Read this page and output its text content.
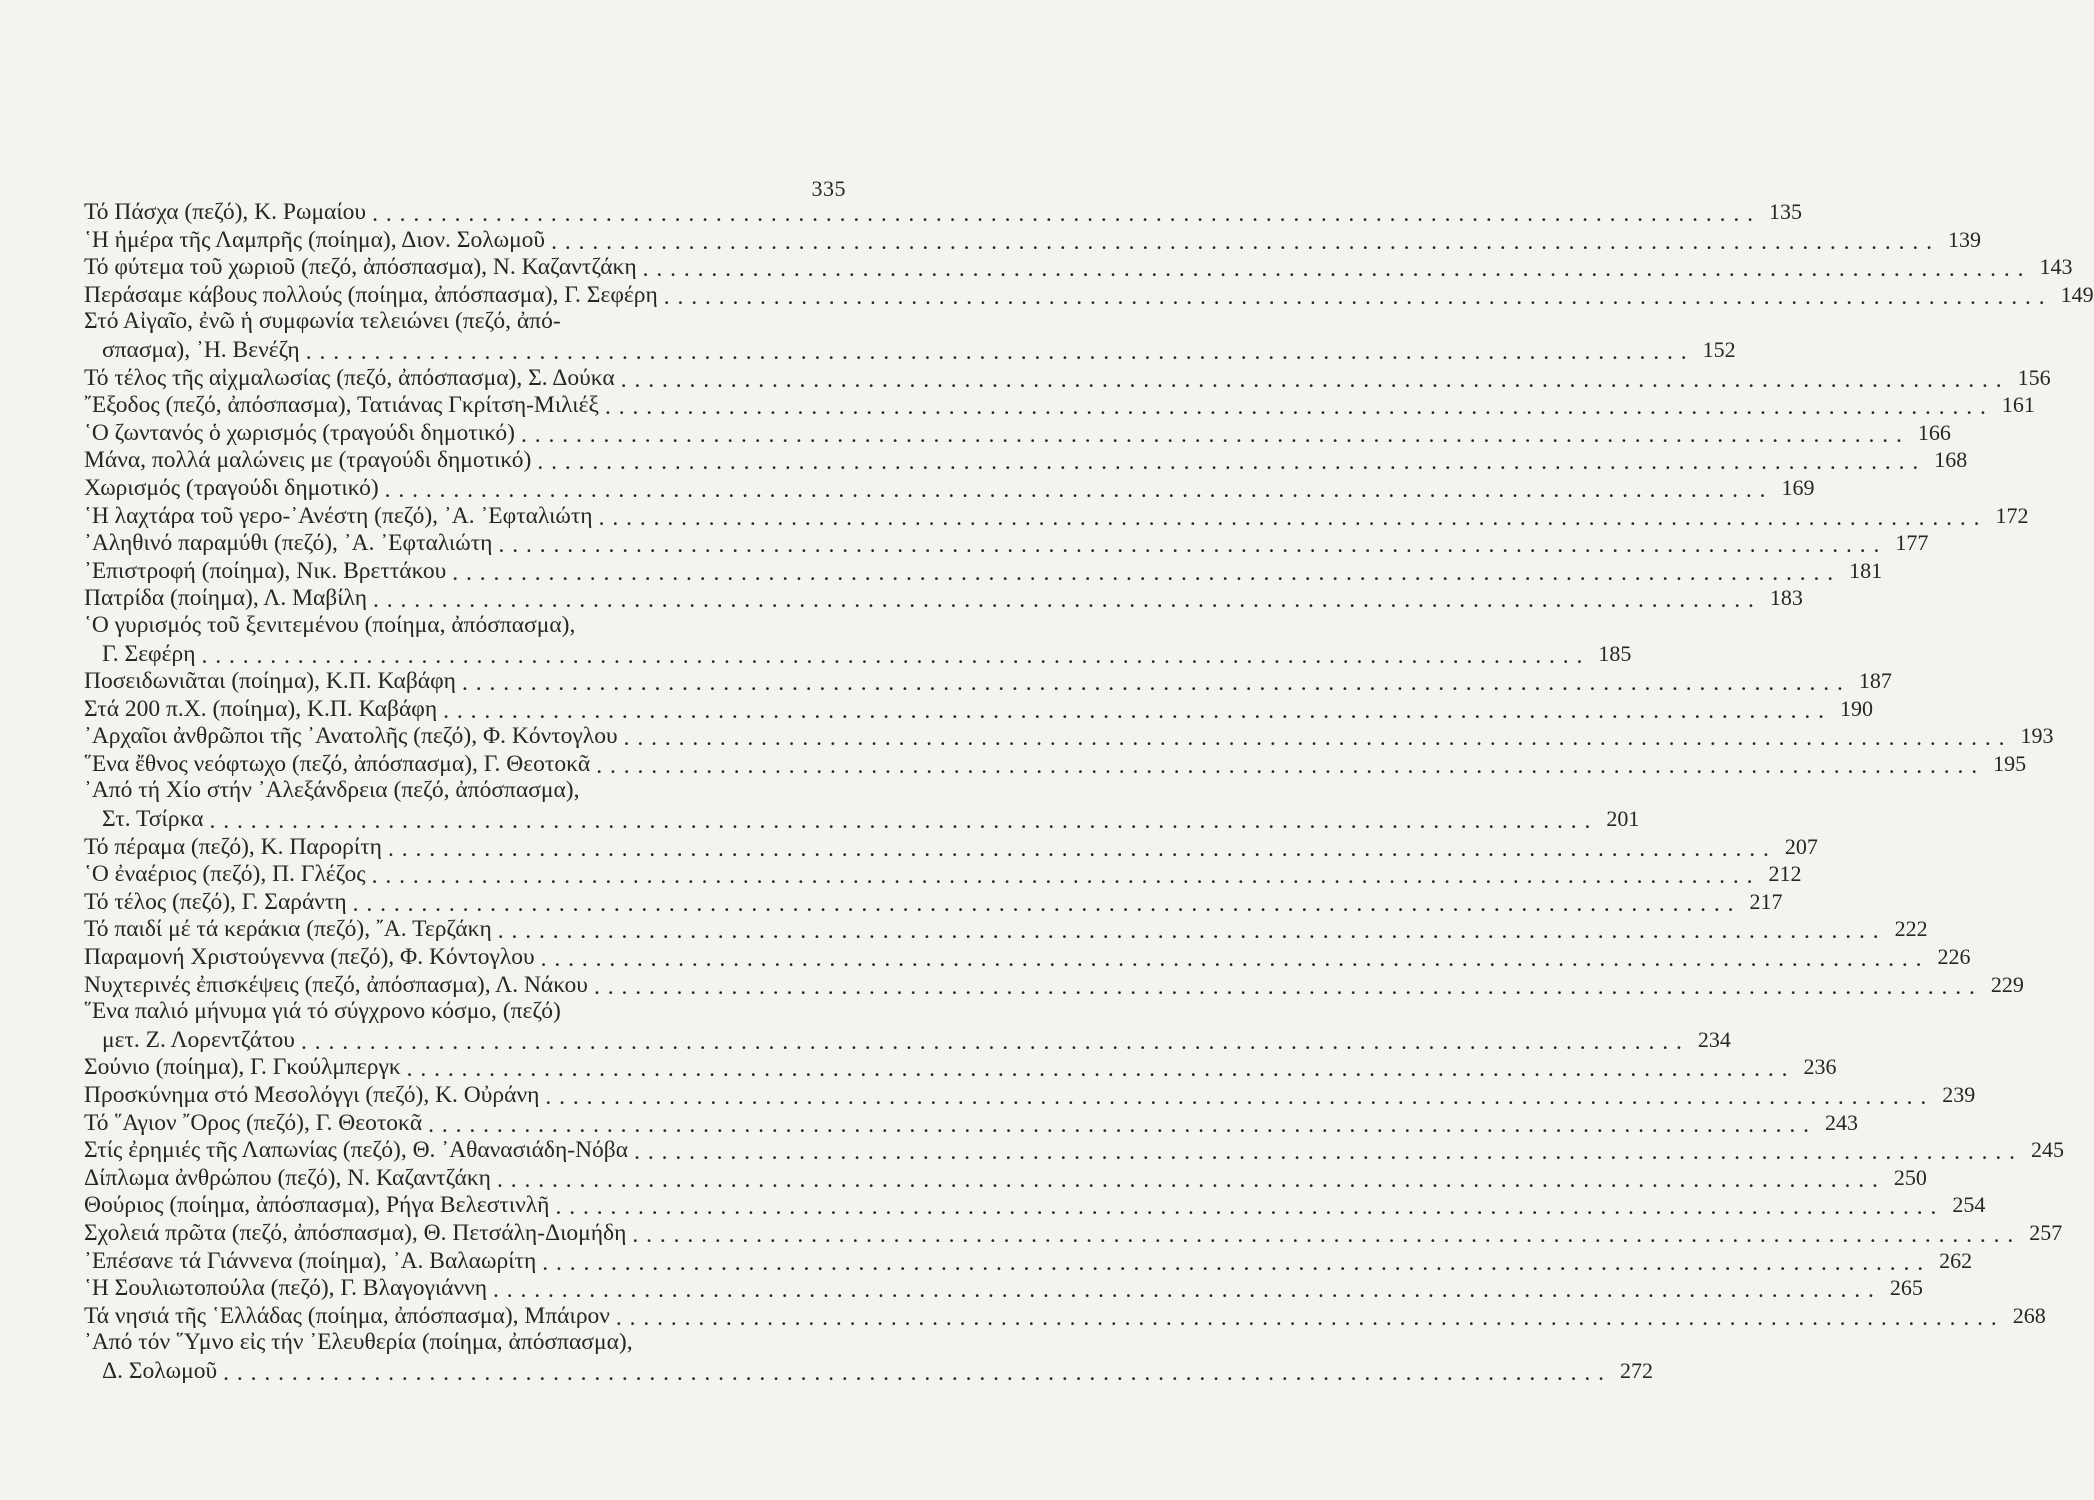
335
Τό Πάσχα (πεζό), Κ. Ρωμαίου . . .	135
῾Η ἡμέρα τῆς Λαμπρῆς (ποίημα), Διον. Σολωμοῦ . . .	139
Τό φύτεμα τοῦ χωριοῦ (πεζό, ἀπόσπασμα), Ν. Καζαντζάκη . . .	143
Περάσαμε κάβους πολλούς (ποίημα, ἀπόσπασμα), Γ. Σεφέρη . . .	149
Στό Αἰγαῖο, ἐνῶ ἡ συμφωνία τελειώνει (πεζό, ἀπό-
σπασμα), ᾿Η. Βενέζη . . .	152
Τό τέλος τῆς αἰχμαλωσίας (πεζό, ἀπόσπασμα), Σ. Δούκα . . .	156
῎Εξοδος (πεζό, ἀπόσπασμα), Τατιάνας Γκρίτση-Μιλιέξ . . .	161
῾Ο ζωντανός ὁ χωρισμός (τραγούδι δημοτικό) . . .	166
Μάνα, πολλά μαλώνεις με (τραγούδι δημοτικό) . . .	168
Χωρισμός (τραγούδι δημοτικό) . . .	169
῾Η λαχτάρα τοῦ γερο-᾿Ανέστη (πεζό), ᾿Α. ᾿Εφταλιώτη . . .	172
᾿Αληθινό παραμύθι (πεζό), ᾿Α. ᾿Εφταλιώτη . . .	177
᾿Επιστροφή (ποίημα), Νικ. Βρεττάκου . . .	181
Πατρίδα (ποίημα), Λ. Μαβίλη . . .	183
῾Ο γυρισμός τοῦ ξενιτεμένου (ποίημα, ἀπόσπασμα),
Γ. Σεφέρη . . .	185
Ποσειδωνιᾶται (ποίημα), Κ.Π. Καβάφη . . .	187
Στά 200 π.Χ. (ποίημα), Κ.Π. Καβάφη . . .	190
᾿Αρχαῖοι ἀνθρῶποι τῆς ᾿Ανατολῆς (πεζό), Φ. Κόντογλου . . .	193
῞Ενα ἔθνος νεόφτωχο (πεζό, ἀπόσπασμα), Γ. Θεοτοκᾶ . . .	195
᾿Από τή Χίο στήν ᾿Αλεξάνδρεια (πεζό, ἀπόσπασμα),
Στ. Τσίρκα . . .	201
Τό πέραμα (πεζό), Κ. Παρορίτη . . .	207
῾Ο ἐναέριος (πεζό), Π. Γλέζος . . .	212
Τό τέλος (πεζό), Γ. Σαράντη . . .	217
Τό παιδί μέ τά κεράκια (πεζό), ῎Α. Τερζάκη . . .	222
Παραμονή Χριστούγεννα (πεζό), Φ. Κόντογλου . . .	226
Νυχτερινές ἐπισκέψεις (πεζό, ἀπόσπασμα), Λ. Νάκου . . .	229
῞Ενα παλιό μήνυμα γιά τό σύγχρονο κόσμο, (πεζό)
μετ. Ζ. Λορεντζάτου . . .	234
Σούνιο (ποίημα), Γ. Γκούλμπεργκ . . .	236
Προσκύνημα στό Μεσολόγγι (πεζό), Κ. Οὐράνη . . .	239
Τό ῞Αγιον ῎Ορος (πεζό), Γ. Θεοτοκᾶ . . .	243
Στίς ἐρημιές τῆς Λαπωνίας (πεζό), Θ. ᾿Αθανασιάδη-Νόβα . . .	245
Δίπλωμα ἀνθρώπου (πεζό), Ν. Καζαντζάκη . . .	250
Θούριος (ποίημα, ἀπόσπασμα), Ρήγα Βελεστινλῆ . . .	254
Σχολειά πρῶτα (πεζό, ἀπόσπασμα), Θ. Πετσάλη-Διομήδη . . .	257
᾿Επέσανε τά Γιάννενα (ποίημα), ᾿Α. Βαλαωρίτη . . .	262
῾Η Σουλιωτοπούλα (πεζό), Γ. Βλαγογιάννη . . .	265
Τά νησιά τῆς ῾Ελλάδας (ποίημα, ἀπόσπασμα), Μπάιρον . . .	268
᾿Από τόν ῞Υμνο εἰς τήν ᾿Ελευθερία (ποίημα, ἀπόσπασμα),
Δ. Σολωμοῦ . . .	272
